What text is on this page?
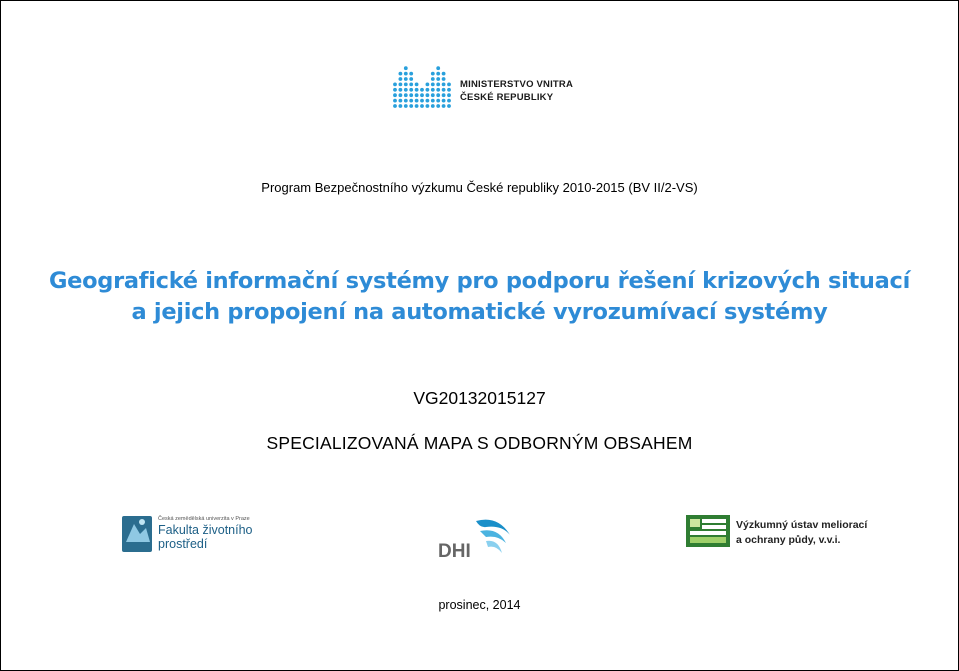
MINISTERSTVO VNITRA
ČESKÉ REPUBLIKY
Program Bezpečnostního výzkumu České republiky 2010-2015 (BV II/2-VS)
Geografické informační systémy pro podporu řešení krizových situací
a jejich propojení na automatické vyrozumívací systémy
VG20132015127
SPECIALIZOVANÁ MAPA S ODBORNÝM OBSAHEM
Česká zemědělská univerzita v Praze
Fakulta životního
prostředí	DHI
Výzkumný ústav meliorací
a ochrany půdy, v.v.i.
prosinec, 2014
